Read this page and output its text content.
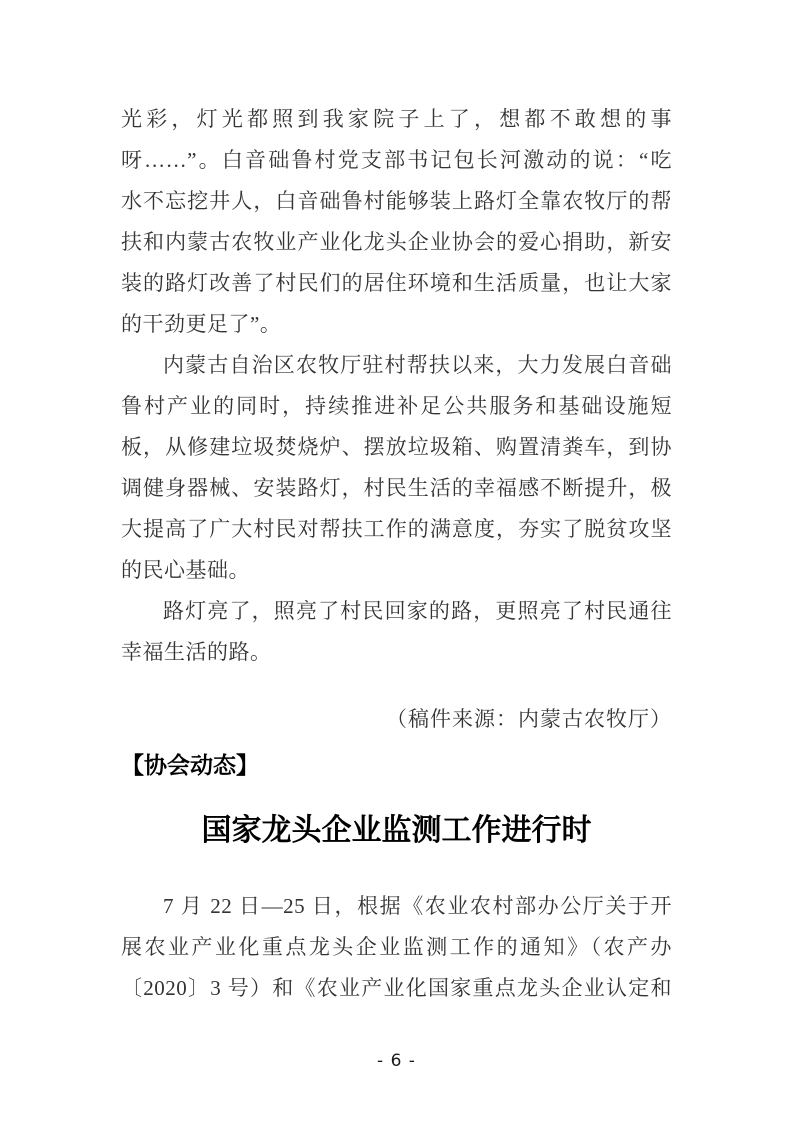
光彩，灯光都照到我家院子上了，想都不敢想的事
呀……”。白音础鲁村党支部书记包长河激动的说：“吃
水不忘挖井人，白音础鲁村能够装上路灯全靠农牧厅的帮
扶和内蒙古农牧业产业化龙头企业协会的爱心捐助，新安
装的路灯改善了村民们的居住环境和生活质量，也让大家
的干劲更足了”。
内蒙古自治区农牧厅驻村帮扶以来，大力发展白音础
鲁村产业的同时，持续推进补足公共服务和基础设施短
板，从修建垃圾焚烧炉、摆放垃圾箱、购置清粪车，到协
调健身器械、安装路灯，村民生活的幸福感不断提升，极
大提高了广大村民对帮扶工作的满意度，夯实了脱贫攻坚
的民心基础。
路灯亮了，照亮了村民回家的路，更照亮了村民通往
幸福生活的路。
（稿件来源：内蒙古农牧厅）
【协会动态】
国家龙头企业监测工作进行时
7 月 22 日—25 日，根据《农业农村部办公厅关于开
展农业产业化重点龙头企业监测工作的通知》（农产办
〔2020〕3 号）和《农业产业化国家重点龙头企业认定和
- 6 -
